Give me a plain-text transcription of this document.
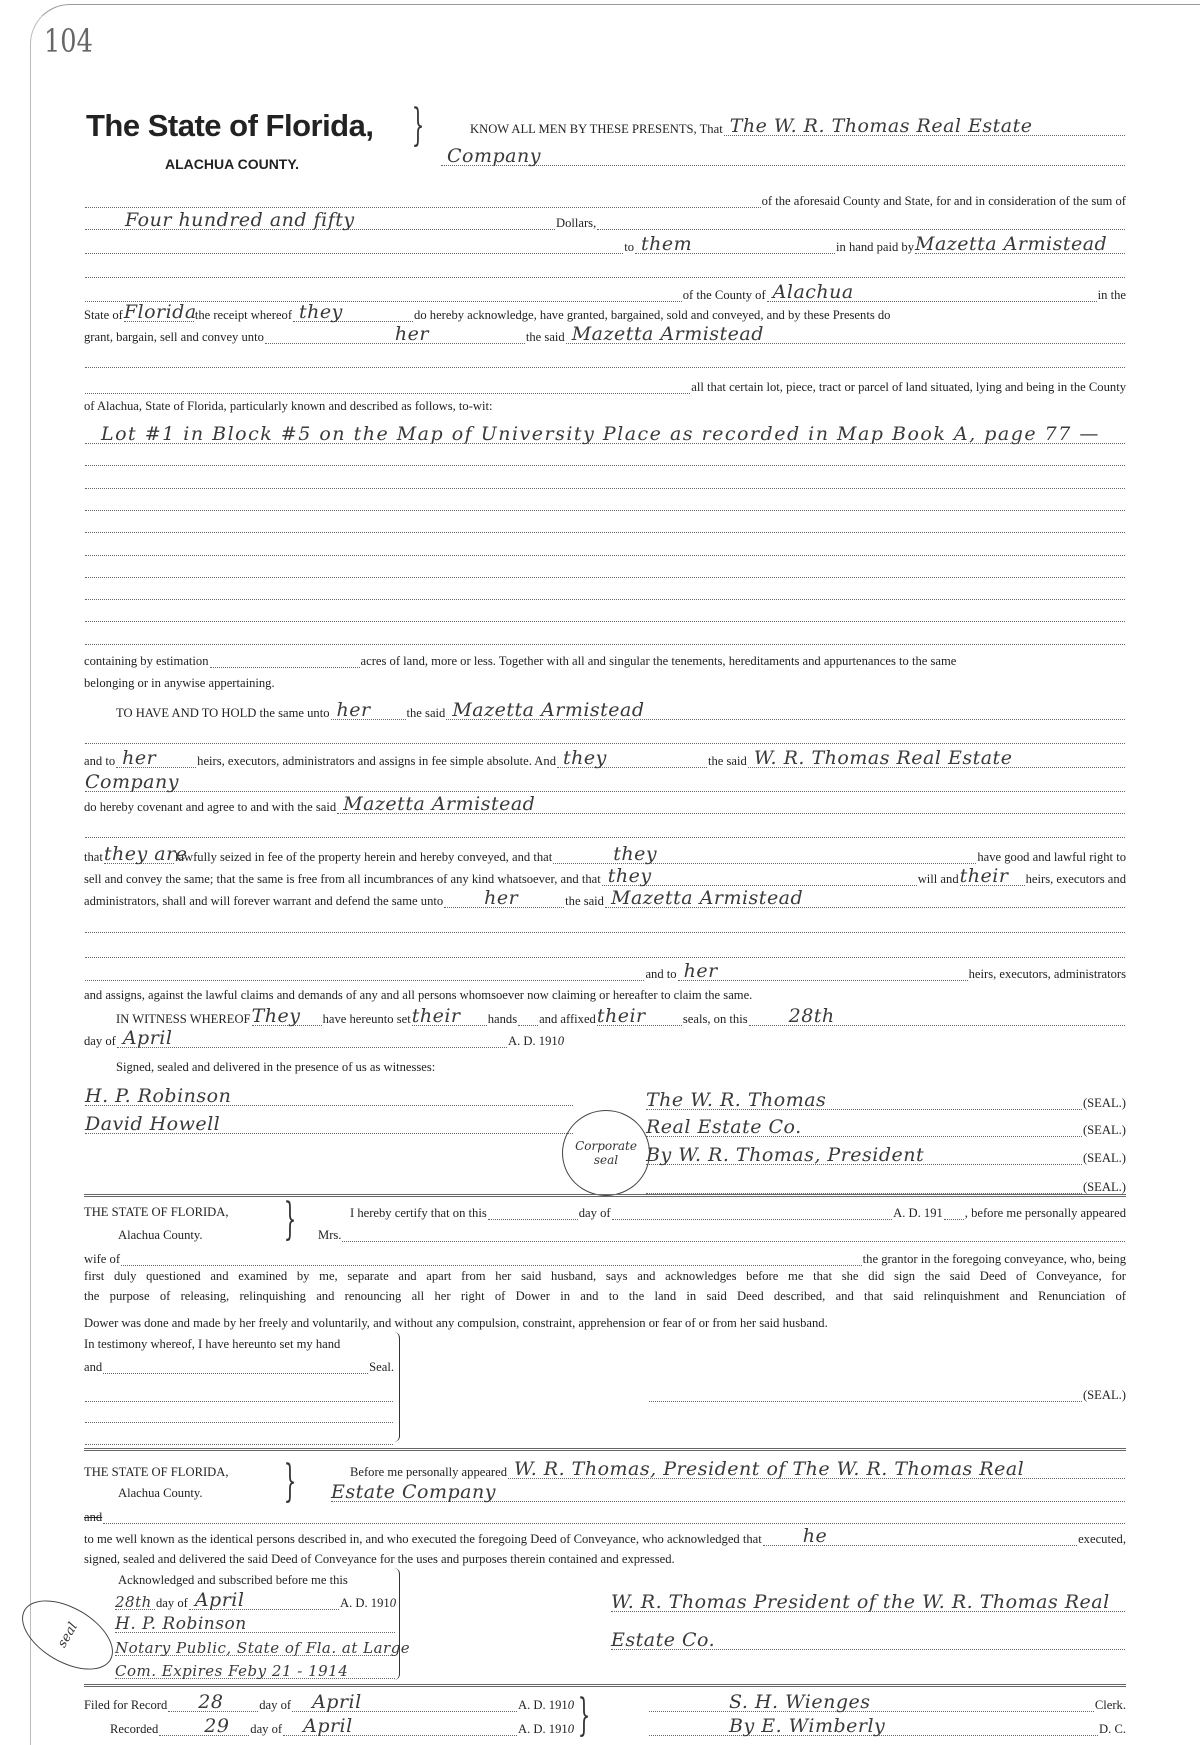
104
The State of Florida,
ALACHUA COUNTY.
}	KNOW ALL MEN BY THESE PRESENTS, That The W. R. Thomas Real Estate
Company
of the aforesaid County and State, for and in consideration of the sum of
Four hundred and fifty	Dollars,
to them	in hand paid by Mazetta Armistead
of the County of Alachua	in the
State of Florida
the receipt whereof they	do hereby acknowledge, have granted, bargained, sold and conveyed, and by these Presents do
grant, bargain, sell and convey unto	her	the said Mazetta Armistead
all that certain lot, piece, tract or parcel of land situated, lying and being in the County
of Alachua, State of Florida, particularly known and described as follows, to-wit:
Lot #1 in Block #5 on the Map of University Place as recorded in Map Book A, page 77 —
containing by estimation	acres of land, more or less. Together with all and singular the tenements, hereditaments and appurtenances to the same
belonging or in anywise appertaining.
TO HAVE AND TO HOLD the same unto her	the said Mazetta Armistead
and to her	heirs, executors, administrators and assigns in fee simple absolute. And they	the said W. R. Thomas Real Estate
Company
do hereby covenant and agree to and with the said Mazetta Armistead
that they are
lawfully seized in fee of the property herein and hereby conveyed, and that	they	have good and lawful right to
sell and convey the same; that the same is free from all incumbrances of any kind whatsoever, and that they	will and their heirs, executors and
administrators, shall and will forever warrant and defend the same unto her	the said Mazetta Armistead
and to her	heirs, executors, administrators
and assigns, against the lawful claims and demands of any and all persons whomsoever now claiming or hereafter to claim the same.
IN WITNESS WHEREOF They have hereunto set their hand s and affixed their	seal s , on this 28th
day of April	A. D. 191 0
Signed, sealed and delivered in the presence of us as witnesses:
H. P. Robinson
David Howell
The W. R. Thomas	(SEAL.)
Real Estate Co.	(SEAL.)
By W. R. Thomas, President	(SEAL.)
(SEAL.)
Corporate seal
THE STATE OF FLORIDA,
Alachua County. }	I hereby certify that on this	day of	A. D. 191 , before me personally appeared
Mrs.
wife of	the grantor in the foregoing conveyance, who, being
first duly questioned and examined by me, separate and apart from her said husband, says and acknowledges before me that she did sign the said Deed of Conveyance, for
the purpose of releasing, relinquishing and renouncing all her right of Dower in and to the land in said Deed described, and that said relinquishment and Renunciation of
Dower was done and made by her freely and voluntarily, and without any compulsion, constraint, apprehension or fear of or from her said husband.
In testimony whereof, I have hereunto set my hand
and	Seal.
(SEAL.)
THE STATE OF FLORIDA,
Alachua County. }	Before me personally appeared W. R. Thomas, President of The W. R. Thomas Real
Estate Company
and
to me well known as the identical persons described in, and who executed the foregoing Deed of Conveyance, who acknowledged that he	executed,
signed, sealed and delivered the said Deed of Conveyance for the uses and purposes therein contained and expressed.
Acknowledged and subscribed before me this
28th day of April	A. D. 191 0
H. P. Robinson
Notary Public, State of Fla. at Large
Com. Expires Feby 21 - 1914
seal
W. R. Thomas President of the W. R. Thomas Real
Estate Co.
Filed for Record 28	day of April	A. D. 191 0
Recorded 29 day of April	A. D. 191 0 }	S. H. Wienges	Clerk.
By E. Wimberly	D. C.
